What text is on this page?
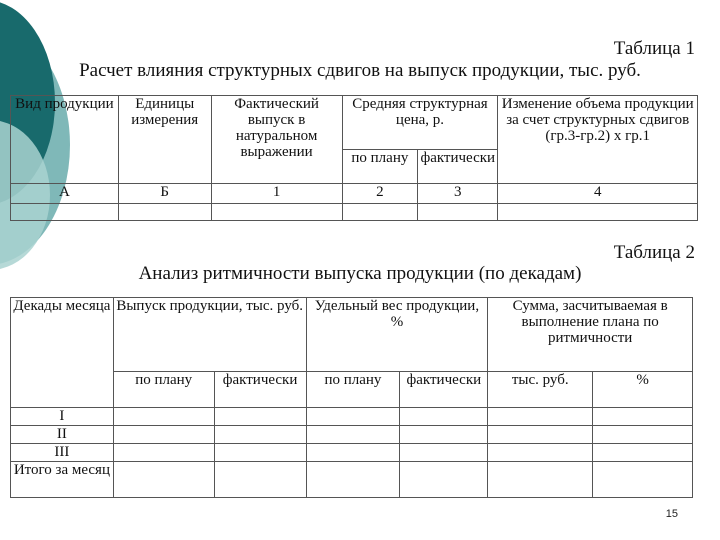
Таблица 1
Расчет влияния структурных сдвигов на выпуск продукции, тыс. руб.
Вид продукции	Единицы измерения	Фактический выпуск в натуральном выражении	Средняя структурная цена, р.		Изменение объема продукции за счет структурных сдвигов (гр.3-гр.2) х гр.1
			по плану	фактически	
А	Б	1	2	3	4

Таблица 2
Анализ ритмичности выпуска продукции (по декадам)
Декады месяца	Выпуск продукции, тыс. руб.		Удельный вес продукции, %		Сумма, засчитываемая в выполнение плана по ритмичности	
	по плану	фактически	по плану	фактически	тыс. руб.	%
I						
II						
III						
Итого за месяц						
15
